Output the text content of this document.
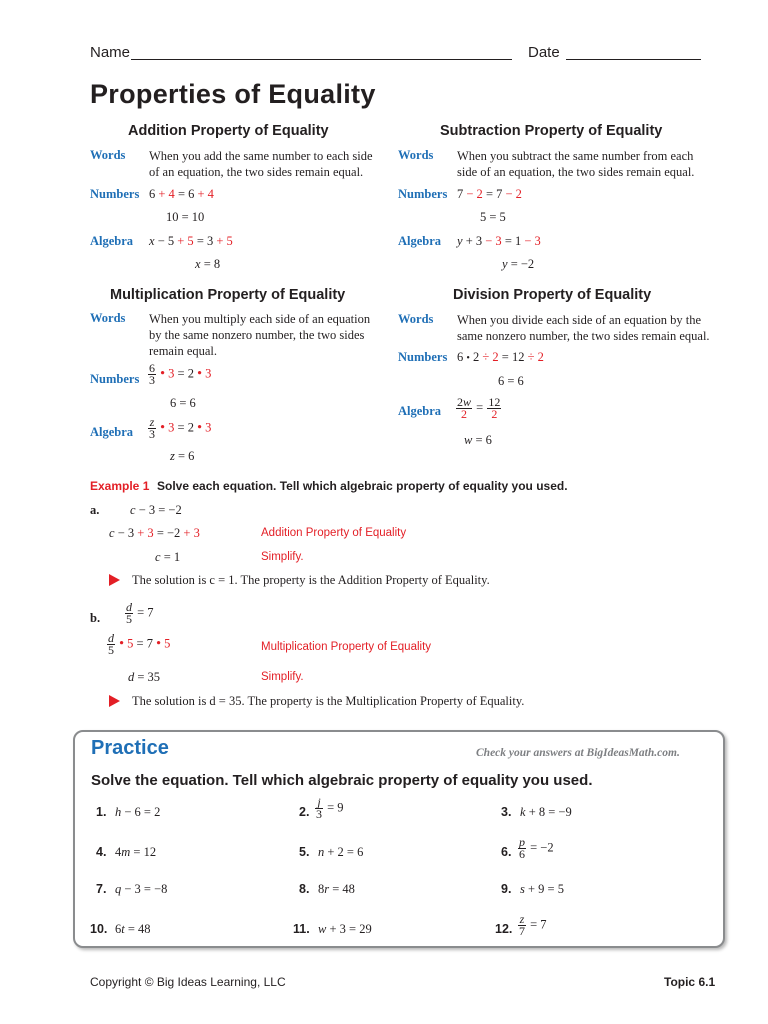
Name	Date
Properties of Equality
Addition Property of Equality
Words When you add the same number to each side of an equation, the two sides remain equal.
Numbers 6 + 4 = 6 + 4
10 = 10
Algebra x − 5 + 5 = 3 + 5
x = 8
Subtraction Property of Equality
Words When you subtract the same number from each side of an equation, the two sides remain equal.
Numbers 7 − 2 = 7 − 2
5 = 5
Algebra y + 3 − 3 = 1 − 3
y = −2
Multiplication Property of Equality
Words When you multiply each side of an equation by the same nonzero number, the two sides remain equal.
Numbers $\frac{6}{3}$ • 3 = 2 • 3
6 = 6
Algebra $\frac{z}{3}$ • 3 = 2 • 3
z = 6
Division Property of Equality
Words When you divide each side of an equation by the same nonzero number, the two sides remain equal.
Numbers 6 • 2 ÷ 2 = 12 ÷ 2
6 = 6
Algebra $\frac{2w}{2} = \frac{12}{2}$
w = 6
Example 1 Solve each equation. Tell which algebraic property of equality you used.
a. c − 3 = −2
c − 3 + 3 = −2 + 3	Addition Property of Equality
c = 1	Simplify.
The solution is c = 1. The property is the Addition Property of Equality.
b. $\frac{d}{5} = 7$
$\frac{d}{5}$ • 5 = 7 • 5	Multiplication Property of Equality
d = 35	Simplify.
The solution is d = 35. The property is the Multiplication Property of Equality.
Practice	Check your answers at BigIdeasMath.com.
Solve the equation. Tell which algebraic property of equality you used.
1. h − 6 = 2	2. $\frac{j}{3} = 9$	3. k + 8 = −9
4. 4m = 12	5. n + 2 = 6	6. $\frac{p}{6} = -2$
7. q − 3 = −8	8. 8r = 48	9. s + 9 = 5
10. 6t = 48	11. w + 3 = 29	12. $\frac{z}{7} = 7$
Copyright © Big Ideas Learning, LLC	Topic 6.1
